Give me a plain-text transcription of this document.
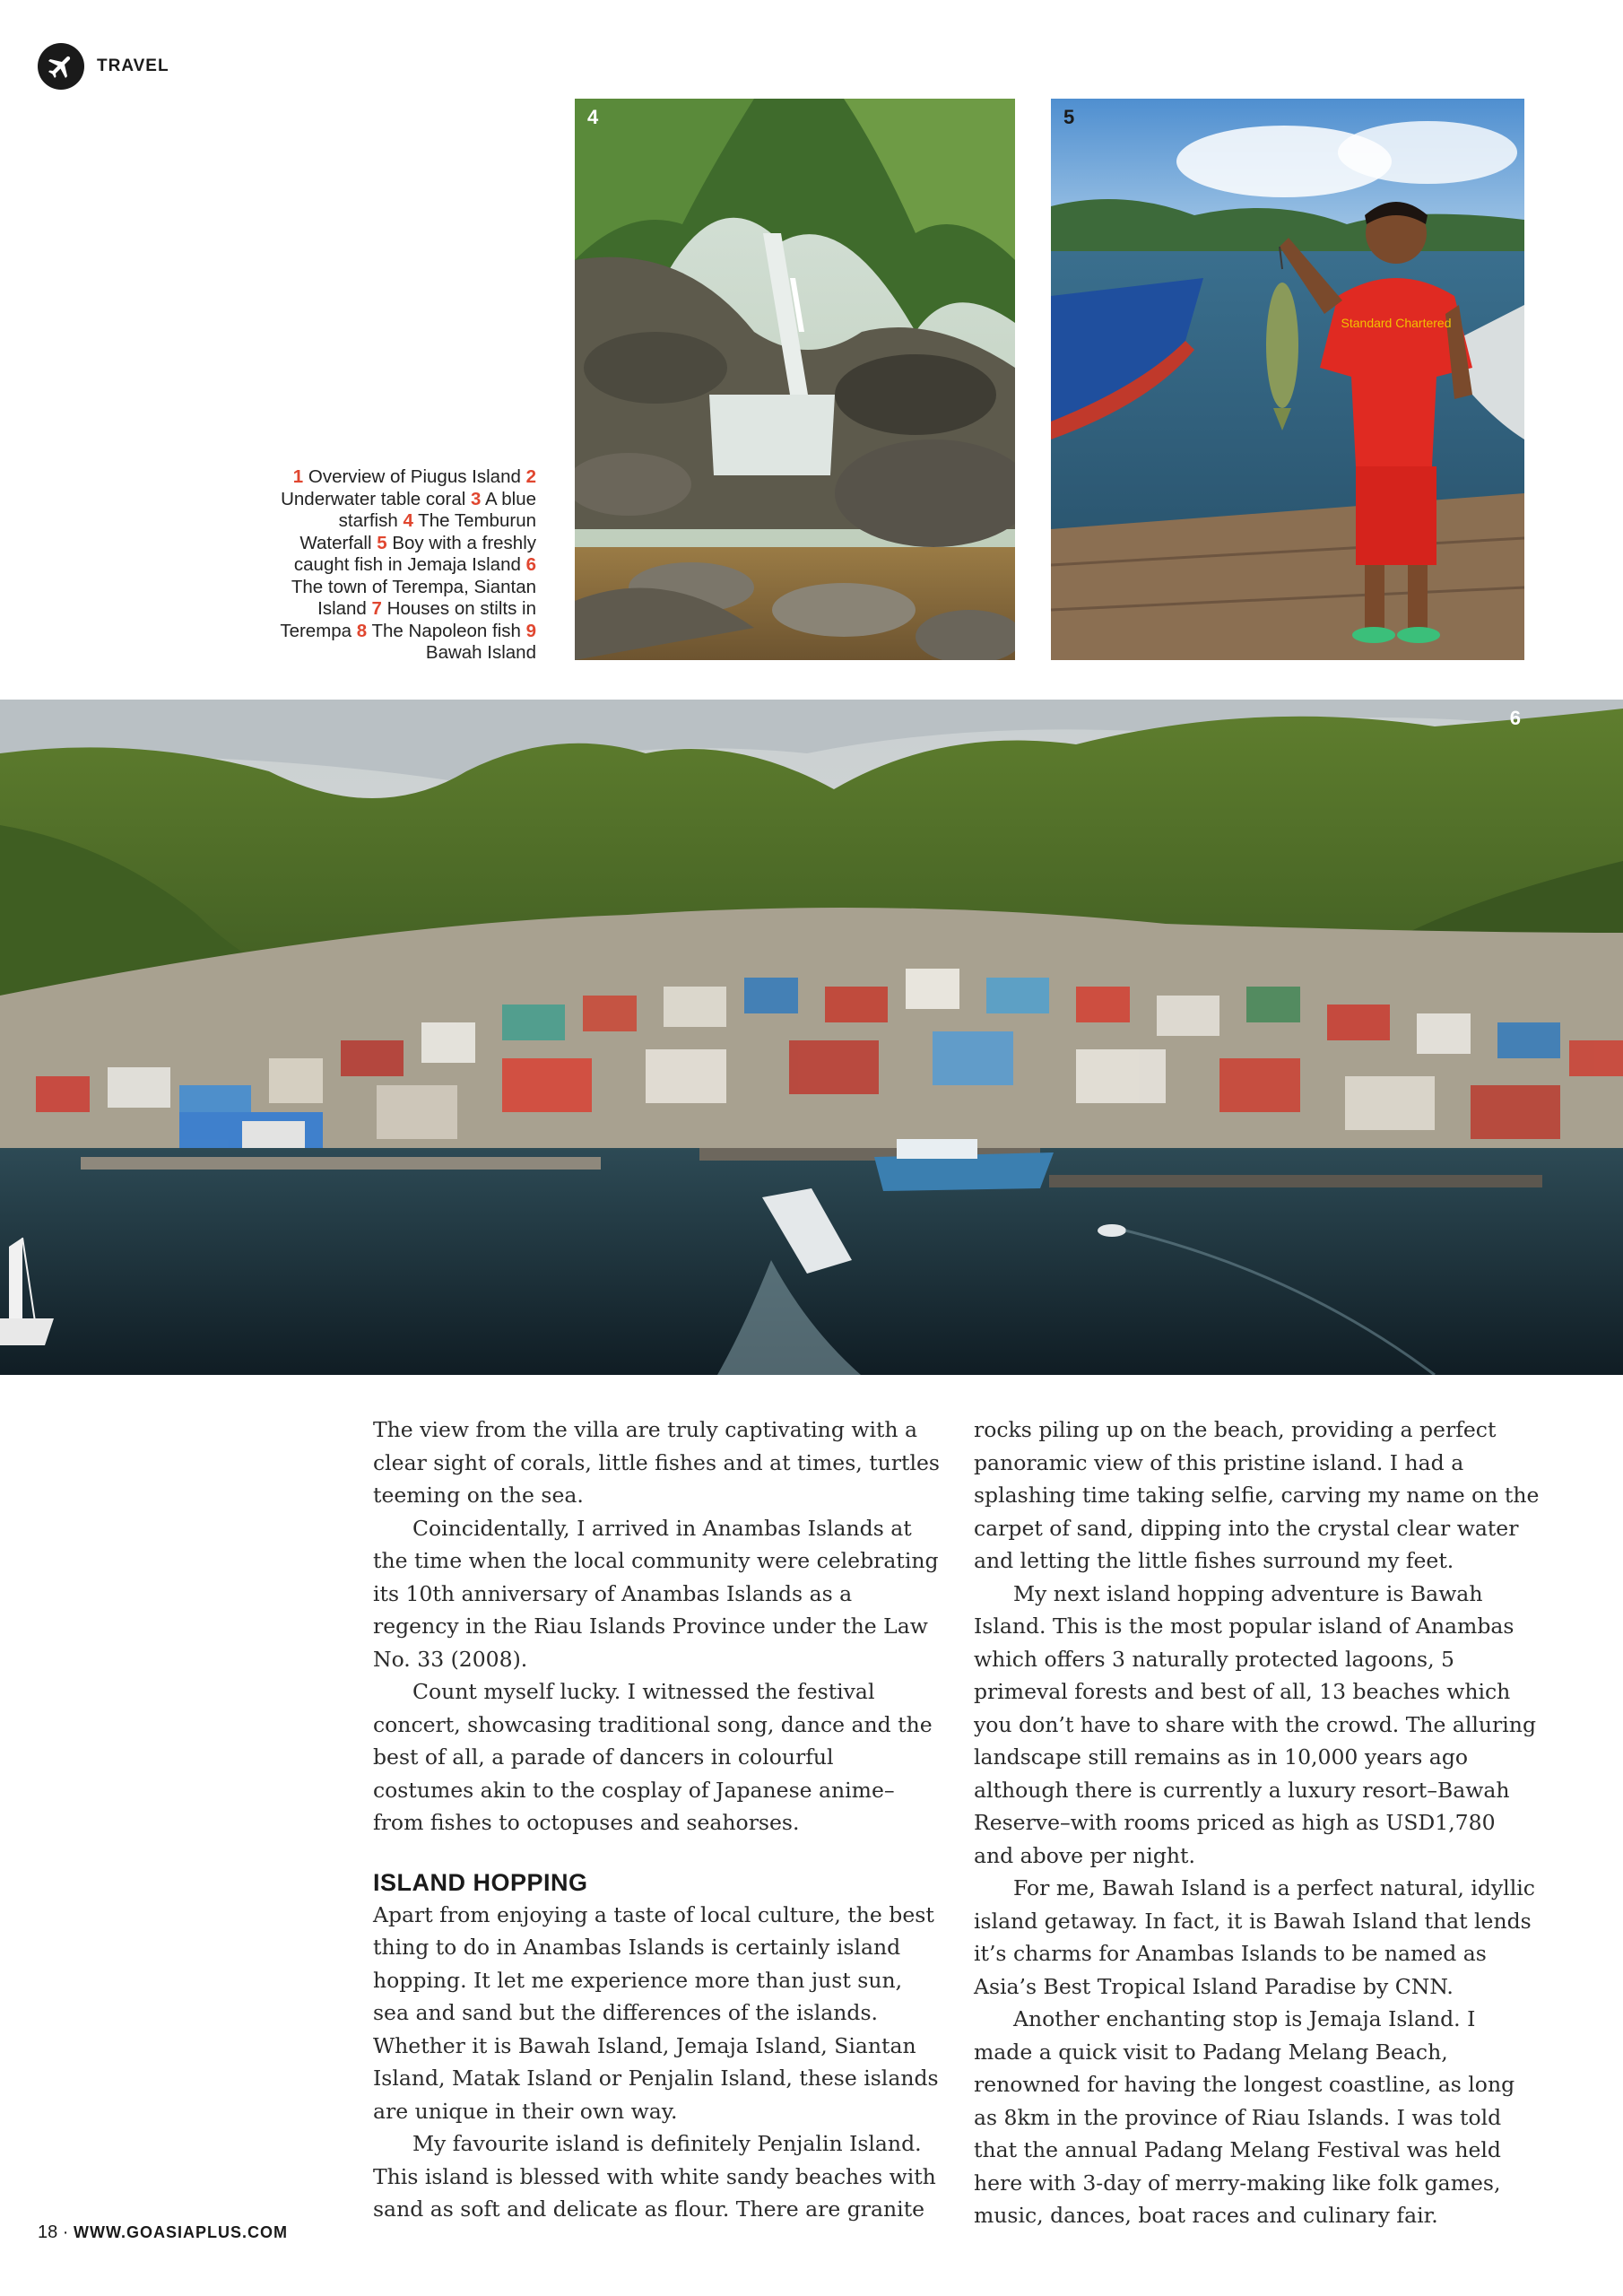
TRAVEL
1 Overview of Piugus Island 2 Underwater table coral 3 A blue starfish 4 The Temburun Waterfall 5 Boy with a freshly caught fish in Jemaja Island 6 The town of Terempa, Siantan Island 7 Houses on stilts in Terempa 8 The Napoleon fish 9 Bawah Island
4
Standard Chartered
5
6

The view from the villa are truly captivating with a clear sight of corals, little fishes and at times, turtles teeming on the sea.

Coincidentally, I arrived in Anambas Islands at the time when the local community were celebrating its 10th anniversary of Anambas Islands as a regency in the Riau Islands Province under the Law No. 33 (2008).

Count myself lucky. I witnessed the festival concert, showcasing traditional song, dance and the best of all, a parade of dancers in colourful costumes akin to the cosplay of Japanese anime–from fishes to octopuses and seahorses.

ISLAND HOPPING

Apart from enjoying a taste of local culture, the best thing to do in Anambas Islands is certainly island hopping. It let me experience more than just sun, sea and sand but the differences of the islands. Whether it is Bawah Island, Jemaja Island, Siantan Island, Matak Island or Penjalin Island, these islands are unique in their own way.

My favourite island is definitely Penjalin Island. This island is blessed with white sandy beaches with sand as soft and delicate as flour. There are granite

rocks piling up on the beach, providing a perfect panoramic view of this pristine island. I had a splashing time taking selfie, carving my name on the carpet of sand, dipping into the crystal clear water and letting the little fishes surround my feet.

My next island hopping adventure is Bawah Island. This is the most popular island of Anambas which offers 3 naturally protected lagoons, 5 primeval forests and best of all, 13 beaches which you don’t have to share with the crowd. The alluring landscape still remains as in 10,000 years ago although there is currently a luxury resort–Bawah Reserve–with rooms priced as high as USD1,780 and above per night.

For me, Bawah Island is a perfect natural, idyllic island getaway. In fact, it is Bawah Island that lends it’s charms for Anambas Islands to be named as Asia’s Best Tropical Island Paradise by CNN.

Another enchanting stop is Jemaja Island. I made a quick visit to Padang Melang Beach, renowned for having the longest coastline, as long as 8km in the province of Riau Islands. I was told that the annual Padang Melang Festival was held here with 3-day of merry-making like folk games, music, dances, boat races and culinary fair.

18 · WWW.GOASIAPLUS.COM
